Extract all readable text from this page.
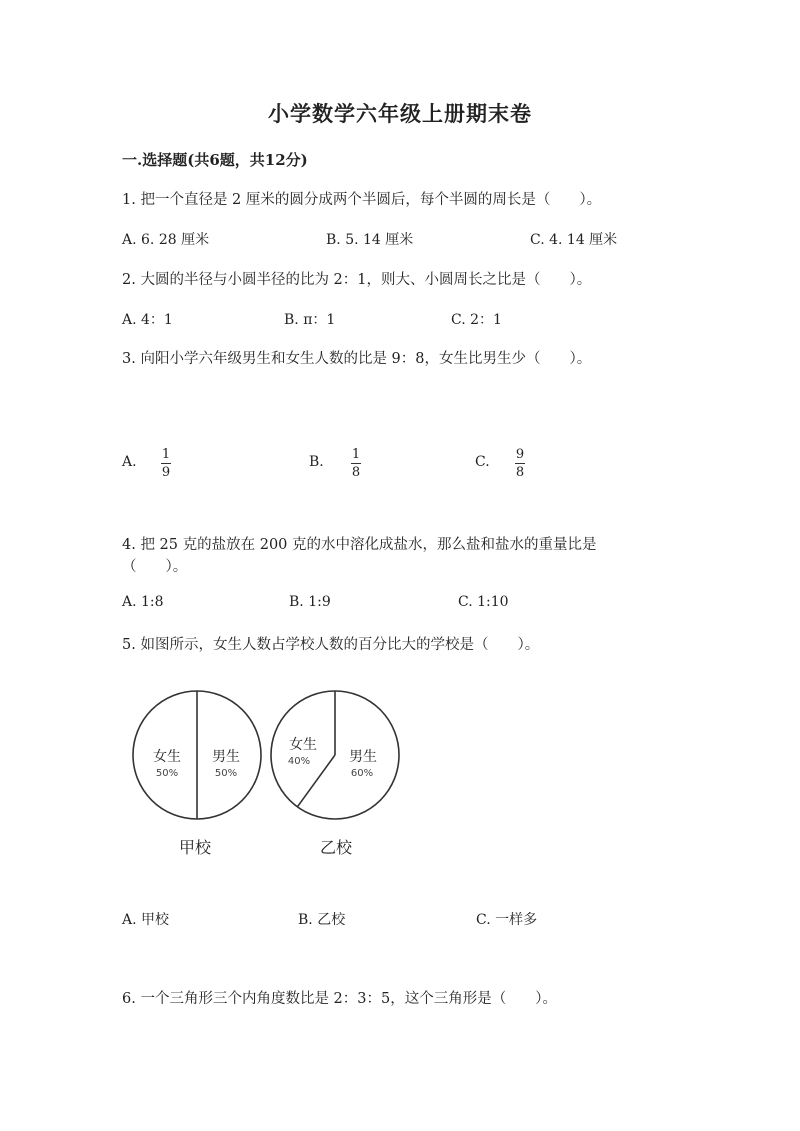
小学数学六年级上册期末卷
一.选择题(共6题，共12分)
1. 把一个直径是 2 厘米的圆分成两个半圆后，每个半圆的周长是（　　）。
A. 6. 28 厘米	B. 5. 14 厘米	C. 4. 14 厘米
2. 大圆的半径与小圆半径的比为 2：1，则大、小圆周长之比是（　　）。
A. 4：1	B. π：1	C. 2：1
3. 向阳小学六年级男生和女生人数的比是 9：8，女生比男生少（　　）。
A. 1
9
B. 1
8
C. 9
8
4. 把 25 克的盐放在 200 克的水中溶化成盐水，那么盐和盐水的重量比是
（　　）。
A. 1:8	B. 1:9	C. 1:10
5. 如图所示，女生人数占学校人数的百分比大的学校是（　　）。
女生
50%
男生
50%
甲校
女生
40%	男生
60%
乙校
A. 甲校	B. 乙校	C. 一样多
6. 一个三角形三个内角度数比是 2：3：5，这个三角形是（　　）。
